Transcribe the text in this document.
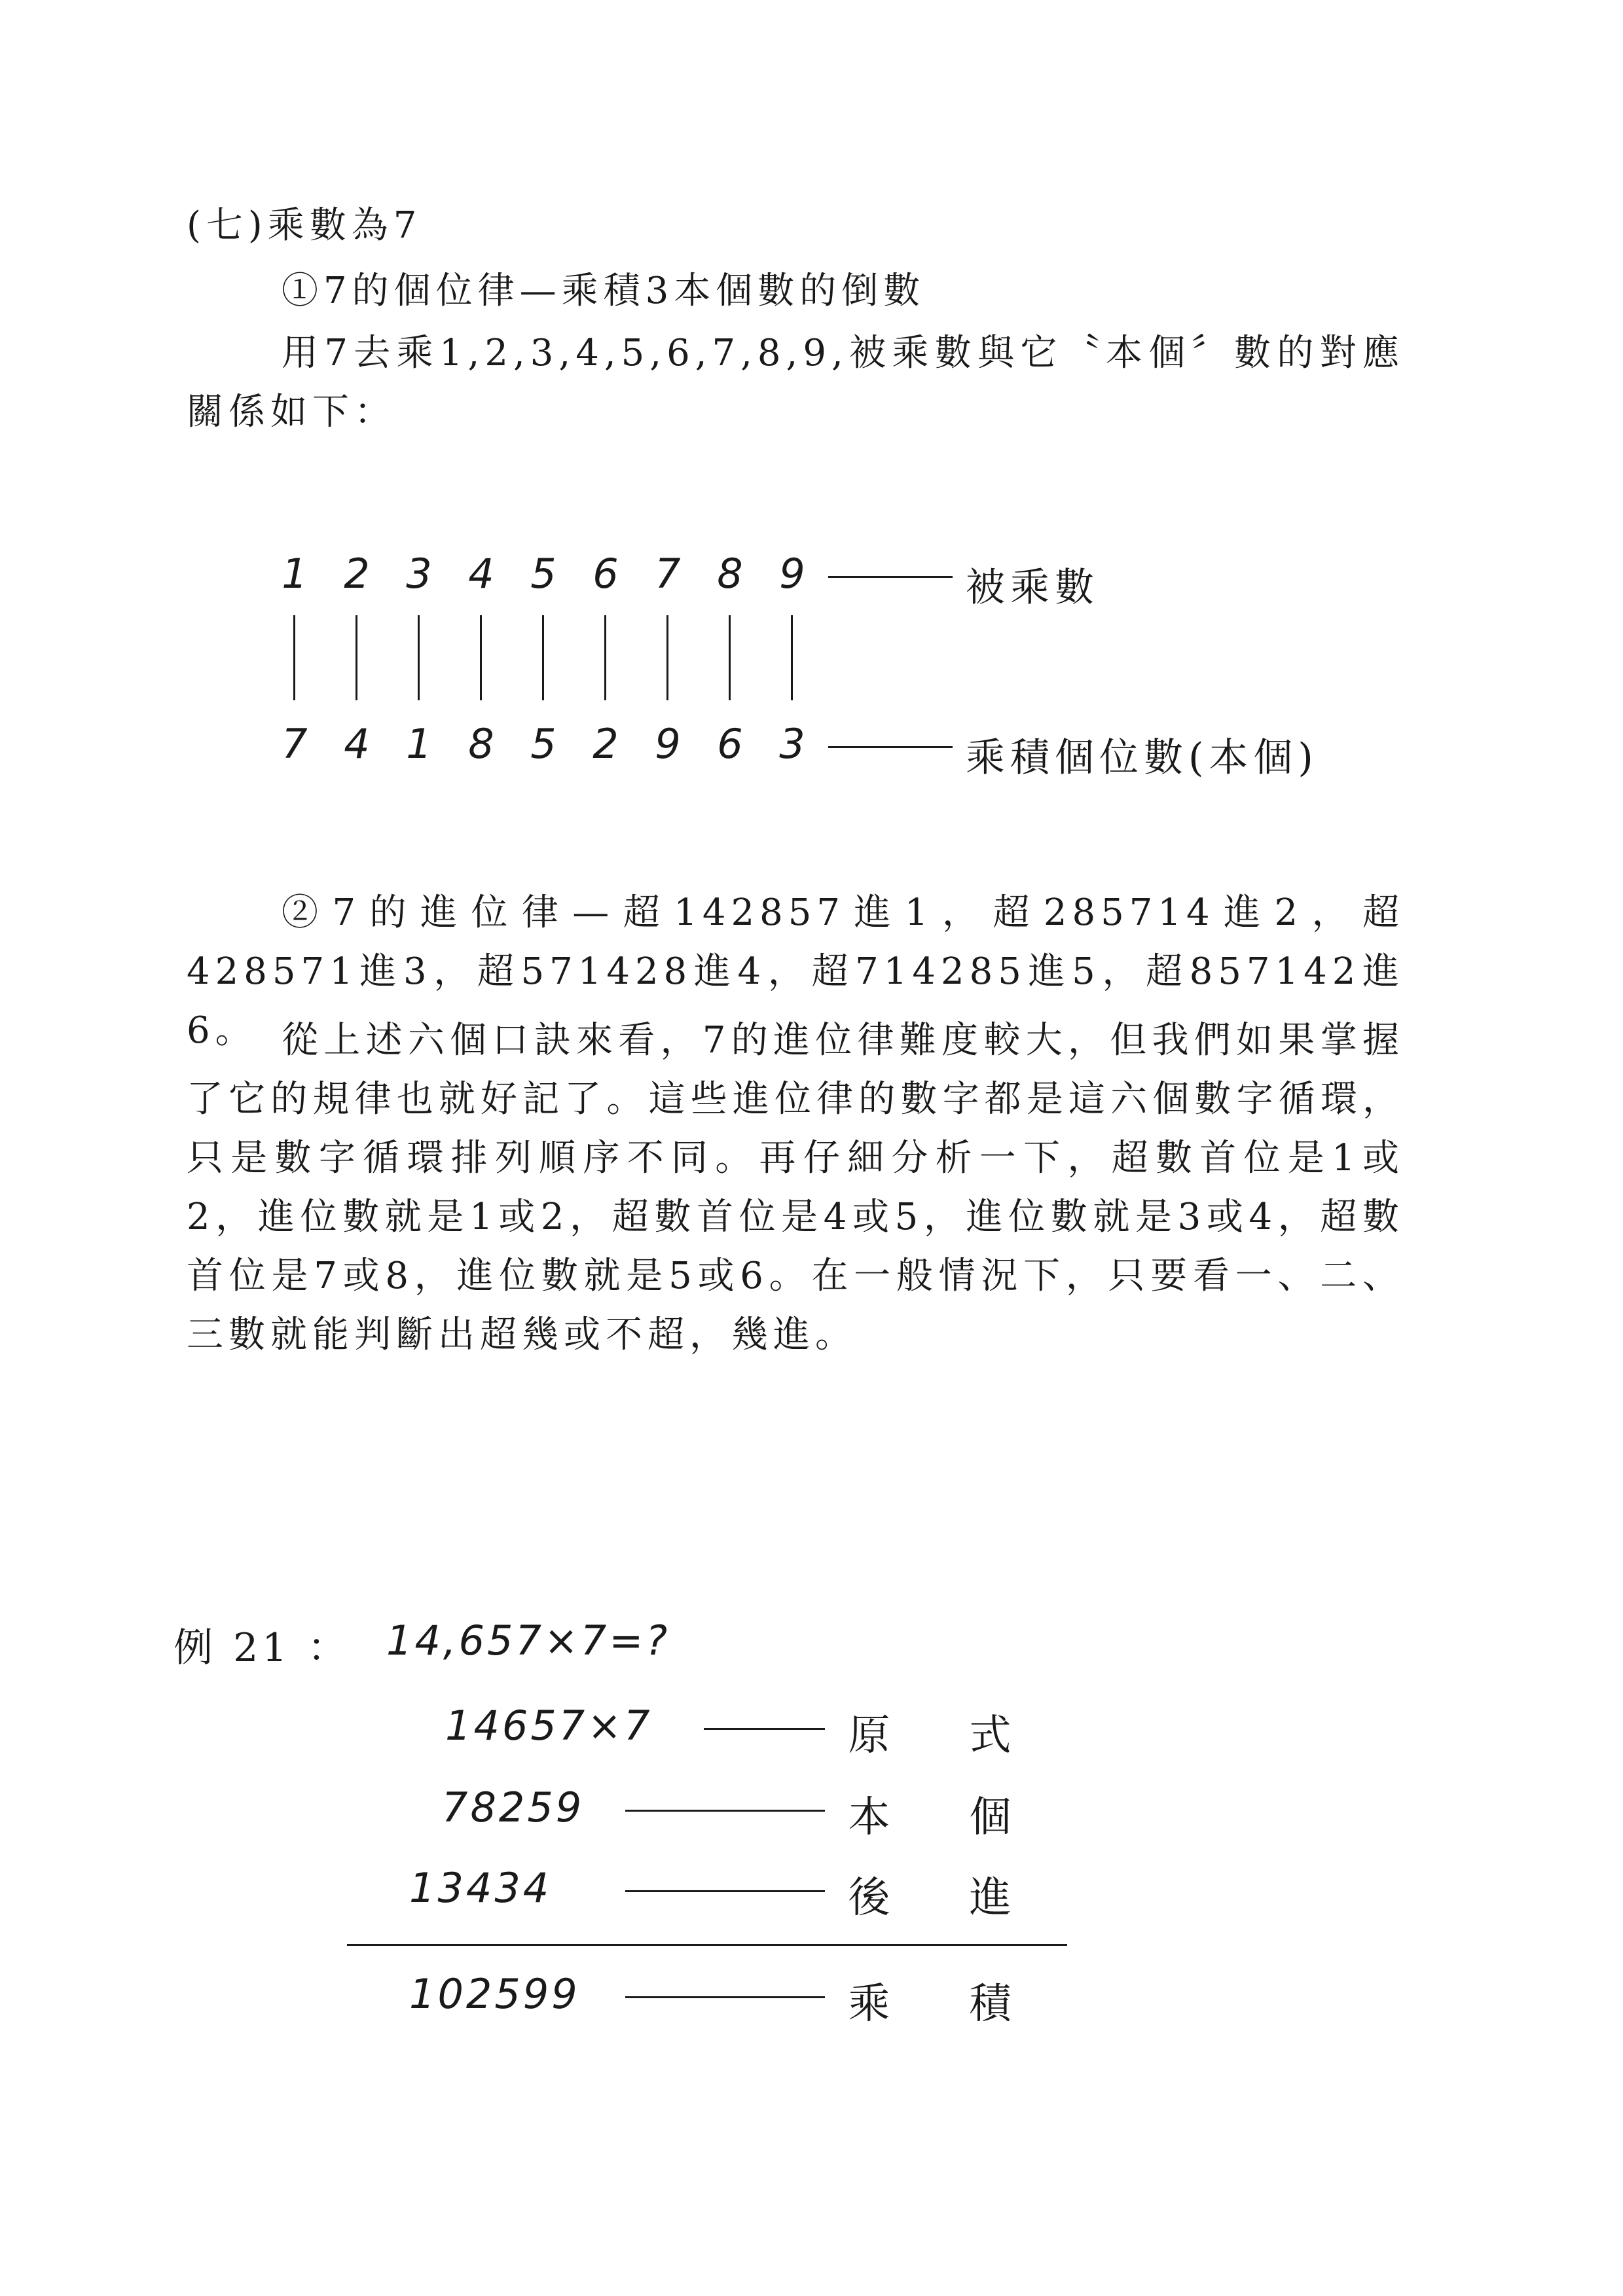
(七)乘數為7
①7的個位律—乘積3本個數的倒數
用7去乘1,2,3,4,5,6,7,8,9,被乘數與它〝本個〞數的對應關係如下：
1 2 3 4 5 6 7 8 9	被乘數
7 4 1 8 5 2 9 6 3	乘積個位數(本個)
②7的進位律—超142857進1，超285714進2，超428571進3，超571428進4，超714285進5，超857142進6。 從上述六個口訣來看，7的進位律難度較大，但我們如果掌握了它的規律也就好記了。這些進位律的數字都是這六個數字循環，只是數字循環排列順序不同。再仔細分析一下，超數首位是1或2，進位數就是1或2，超數首位是4或5，進位數就是3或4，超數首位是7或8，進位數就是5或6。在一般情況下，只要看一、二、三數就能判斷出超幾或不超，幾進。
例 21 ： 14,657×7=?
14657×7	原 式
78259	本 個
13434	後 進
102599	乘 積
